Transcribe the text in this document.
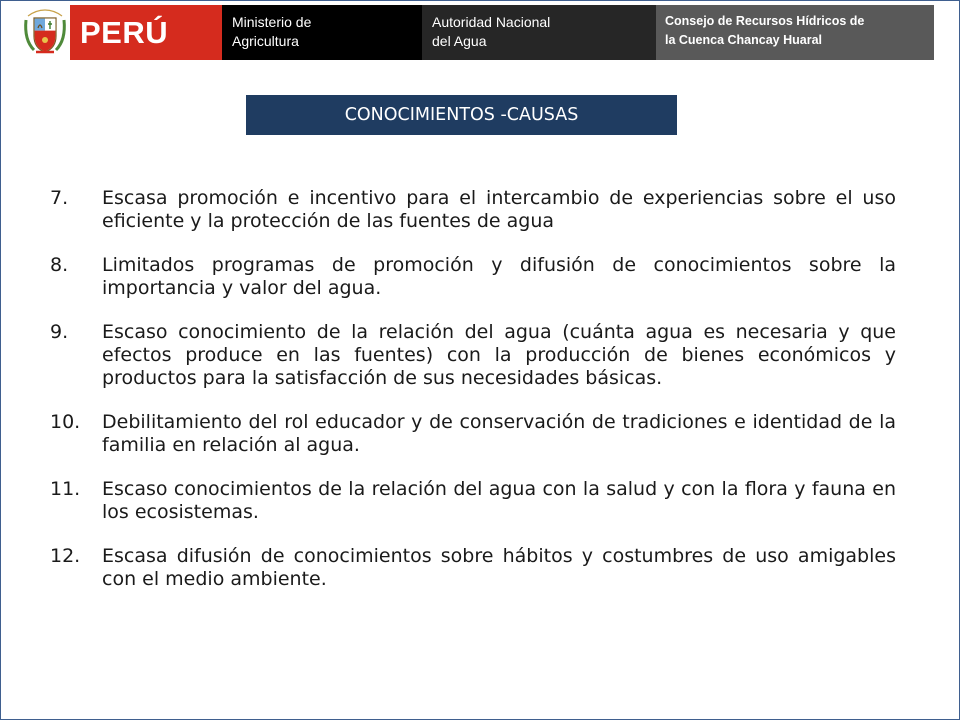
PERÚ	Ministerio de
Agricultura
Autoridad Nacional
del Agua
Consejo de Recursos Hídricos de
la Cuenca Chancay Huaral
CONOCIMIENTOS -CAUSAS
7.	Escasa promoción e incentivo para el intercambio de experiencias sobre el uso eficiente y la protección de las fuentes de agua
8.	Limitados programas de promoción y difusión de conocimientos sobre la importancia y valor del agua.
9.	Escaso conocimiento de la relación del agua (cuánta agua es necesaria y que efectos produce en las fuentes) con la producción de bienes económicos y productos para la satisfacción de sus necesidades básicas.
10.	Debilitamiento del rol educador y de conservación de tradiciones e identidad de la familia en relación al agua.
11.	Escaso conocimientos de la relación del agua con la salud y con la flora y fauna en los ecosistemas.
12.	Escasa difusión de conocimientos sobre hábitos y costumbres de uso amigables con el medio ambiente.
